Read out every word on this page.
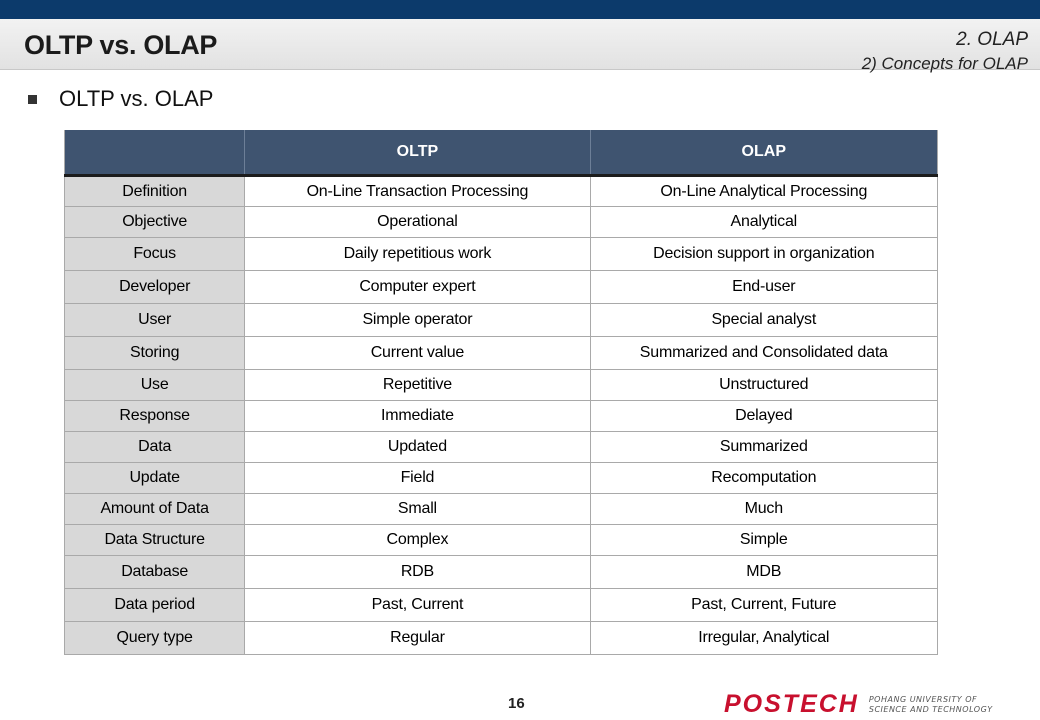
OLTP vs. OLAP	2. OLAP
2) Concepts for OLAP
OLTP vs. OLAP
	OLTP	OLAP
Definition	On-Line Transaction Processing	On-Line Analytical Processing
Objective	Operational	Analytical
Focus	Daily repetitious work	Decision support in organization
Developer	Computer expert	End-user
User	Simple operator	Special analyst
Storing	Current value	Summarized and Consolidated data
Use	Repetitive	Unstructured
Response	Immediate	Delayed
Data	Updated	Summarized
Update	Field	Recomputation
Amount of Data	Small	Much
Data Structure	Complex	Simple
Database	RDB	MDB
Data period	Past, Current	Past, Current, Future
Query type	Regular	Irregular, Analytical
16	POSTECH POHANG UNIVERSITY OF
SCIENCE AND TECHNOLOGY
